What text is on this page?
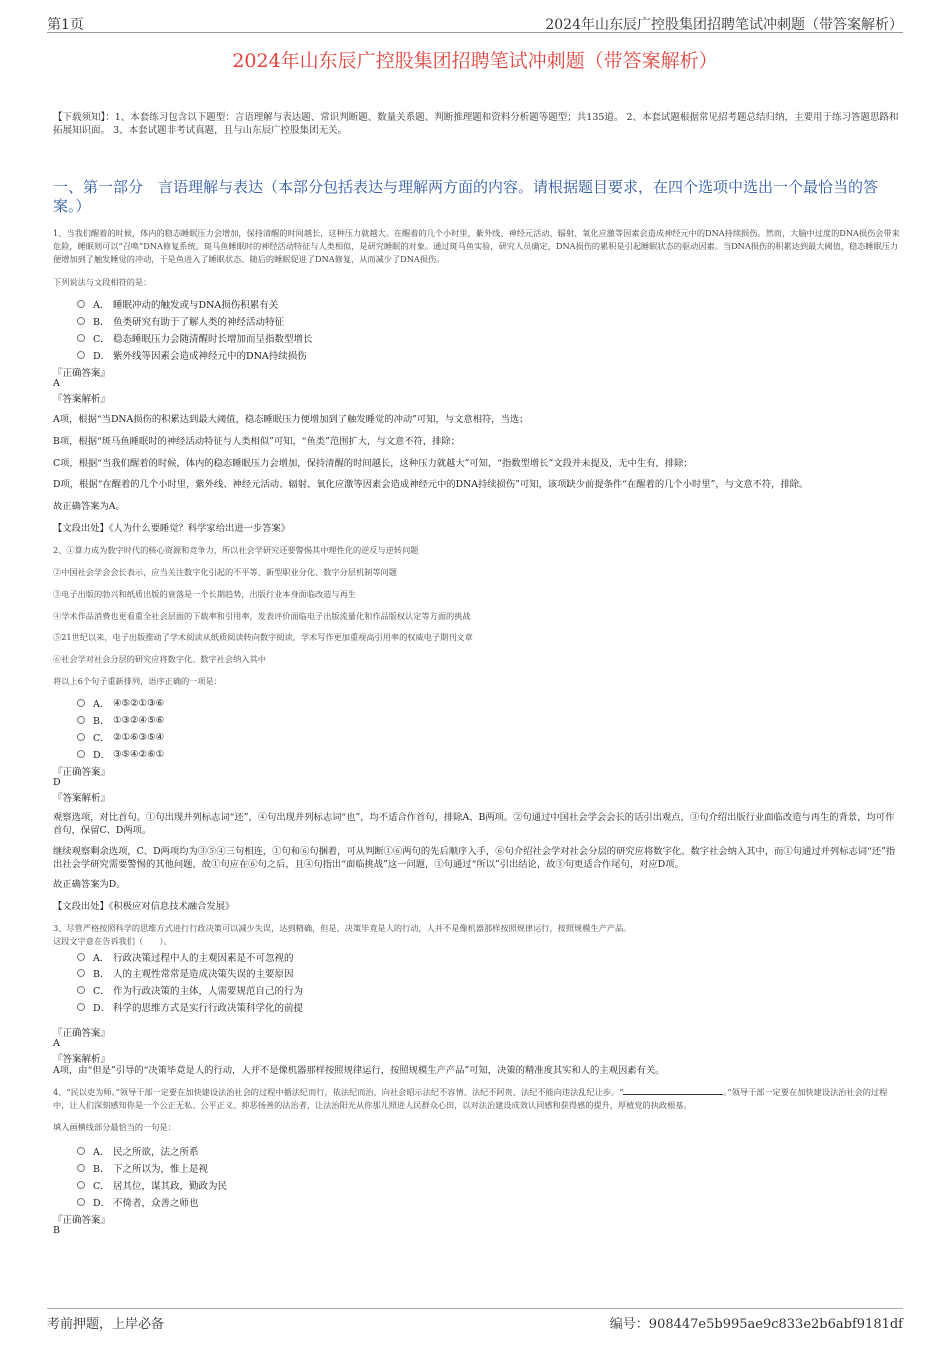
第1页	2024年山东辰广控股集团招聘笔试冲刺题（带答案解析）
2024年山东辰广控股集团招聘笔试冲刺题（带答案解析）
【下载须知】：1、本套练习包含以下题型：言语理解与表达题、常识判断题、数量关系题、判断推理题和资料分析题等题型；共135道。 2、本套试题根据常见招考题总结归纳，主要用于练习答题思路和拓展知识面。 3、本套试题非考试真题，且与山东辰广控股集团无关。
一、第一部分　言语理解与表达（本部分包括表达与理解两方面的内容。请根据题目要求，在四个选项中选出一个最恰当的答案。）
1、当我们醒着的时候，体内的稳态睡眠压力会增加，保持清醒的时间越长，这种压力就越大。在醒着的几个小时里，紫外线、神经元活动、辐射、氧化应激等因素会造成神经元中的DNA持续损伤。然而，大脑中过度的DNA损伤会带来危险，睡眠则可以“召唤”DNA修复系统。斑马鱼睡眠时的神经活动特征与人类相似，是研究睡眠的对象。通过斑马鱼实验，研究人员确定，DNA损伤的累积是引起睡眠状态的驱动因素。当DNA损伤的积累达到最大阈值，稳态睡眠压力便增加到了触发睡觉的冲动，于是鱼进入了睡眠状态。随后的睡眠促进了DNA修复，从而减少了DNA损伤。
下列说法与文段相符的是：
A． 睡眠冲动的触发或与DNA损伤积累有关
B． 鱼类研究有助于了解人类的神经活动特征
C． 稳态睡眠压力会随清醒时长增加而呈指数型增长
D． 紫外线等因素会造成神经元中的DNA持续损伤
『正确答案』
A
『答案解析』
A项，根据“当DNA损伤的积累达到最大阈值，稳态睡眠压力便增加到了触发睡觉的冲动”可知，与文意相符，当选；
B项，根据“斑马鱼睡眠时的神经活动特征与人类相似”可知，“鱼类”范围扩大，与文意不符，排除；
C项，根据“当我们醒着的时候，体内的稳态睡眠压力会增加，保持清醒的时间越长，这种压力就越大”可知，“指数型增长”文段并未提及，无中生有，排除；
D项，根据“在醒着的几个小时里，紫外线、神经元活动、辐射、氧化应激等因素会造成神经元中的DNA持续损伤”可知，该项缺少前提条件“在醒着的几个小时里”，与文意不符，排除。
故正确答案为A。
【文段出处】《人为什么要睡觉？科学家给出进一步答案》
2、①算力成为数字时代的核心资源和竞争力，所以社会学研究还要警惕其中理性化的逆反与逆转问题
②中国社会学会会长表示，应当关注数字化引起的不平等、新型职业分化、数字分层机制等问题
③电子出版的勃兴和纸质出版的衰落是一个长期趋势，出版行业本身面临改造与再生
④学术作品消费也更看重全社会层面的下载率和引用率，发表评价面临电子出版流量化和作品版权认定等方面的挑战
⑤21世纪以来，电子出版推动了学术阅读从纸质阅读转向数字阅读，学术写作更加重视高引用率的权威电子期刊文章
⑥社会学对社会分层的研究应将数字化、数字社会纳入其中
将以上6个句子重新排列，语序正确的一项是：
A． ④⑤②①③⑥
B． ①③②④⑤⑥
C． ②①⑥③⑤④
D． ③⑤④②⑥①
『正确答案』
D
『答案解析』
观察选项，对比首句。①句出现并列标志词“还”，④句出现并列标志词“也”，均不适合作首句，排除A、B两项。②句通过中国社会学会会长的话引出观点，③句介绍出版行业面临改造与再生的背景，均可作首句，保留C、D两项。
继续观察剩余选项，C、D两项均为③⑤④三句相连，①句和⑥句捆着，可从判断①⑥两句的先后顺序入手，⑥句介绍社会学对社会分层的研究应将数字化、数字社会纳入其中，而①句通过并列标志词“还”指出社会学研究需要警惕的其他问题，故①句应在⑥句之后，且④句指出“面临挑战”这一问题，①句通过“所以”引出结论，故①句更适合作尾句，对应D项。
故正确答案为D。
【文段出处】《积极应对信息技术融合发展》
3、尽管严格按照科学的思维方式进行行政决策可以减少失误，达到精确，但是，决策毕竟是人的行动，人并不是像机器那样按照规律运行，按照规模生产产品。
这段文字意在告诉我们（　　）。
A． 行政决策过程中人的主观因素是不可忽视的
B． 人的主观性常常是造成决策失误的主要原因
C． 作为行政决策的主体，人需要规范自己的行为
D． 科学的思维方式是实行行政决策科学化的前提
『正确答案』
A
『答案解析』
A项，由“但是”引导的“决策毕竟是人的行动，人并不是像机器那样按照规律运行，按照规模生产产品”可知，决策的精准度其实和人的主观因素有关。
4、“民以吏为师。”领导干部一定要在加快建设法治社会的过程中循法纪而行，依法纪而治，向社会昭示法纪不容情、法纪不阿贵、法纪不能向违法乱纪让步。“	。”领导干部一定要在加快建设法治社会的过程中，让人们深刻感知你是一个公正无私、公平正义、抑恶扬善的法治者，让法治阳光从你那儿照进人民群众心田，以对法治建设成效认同感和获得感的提升，厚植党的执政根基。
填入画横线部分最恰当的一句是：
A． 民之所欲，法之所系
B． 下之所以为，惟上是视
C． 居其位，谋其政，勤政为民
D． 不倚者，众善之师也
『正确答案』
B
考前押题，上岸必备	编号：908447e5b995ae9c833e2b6abf9181df
